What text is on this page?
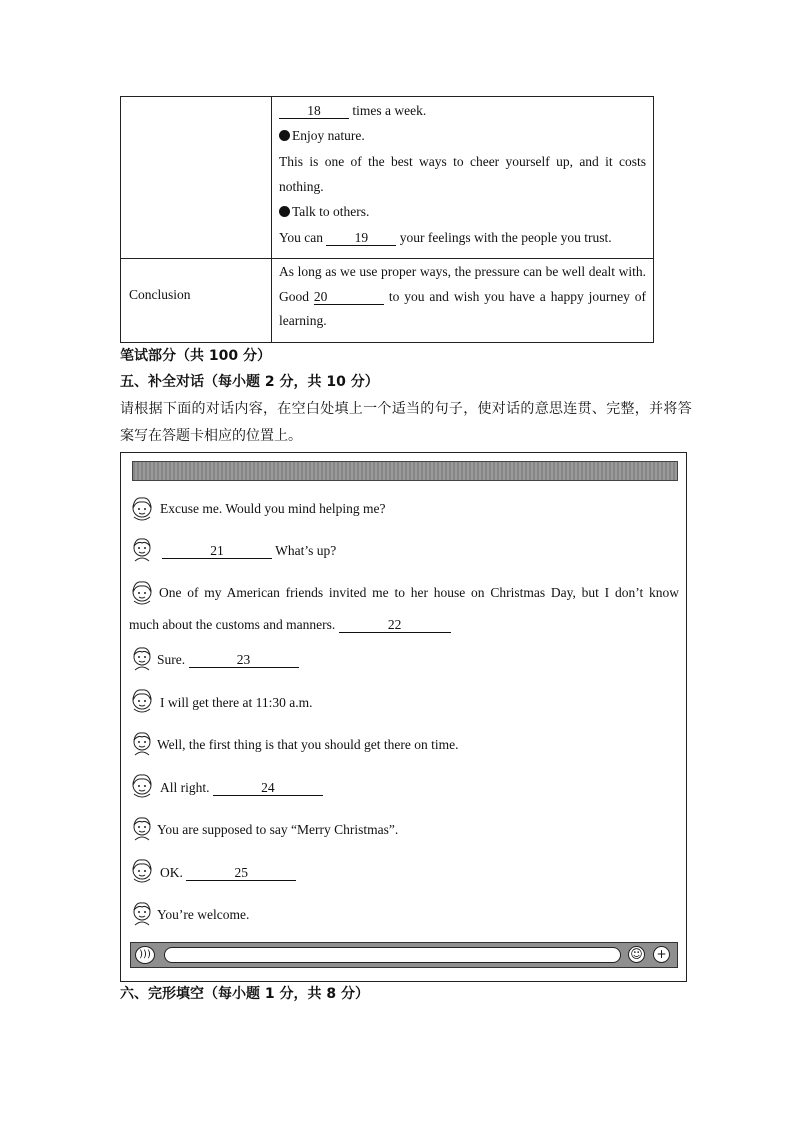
18 times a week.
Enjoy nature.
This is one of the best ways to cheer yourself up, and it costs
nothing.
Talk to others.
You can 19 your feelings with the people you trust.
Conclusion
As long as we use proper ways, the pressure can be well dealt with.
Good 20	to you and wish you have a happy journey of
learning.
笔试部分（共 100 分）
五、补全对话（每小题 2 分，共 10 分）
请根据下面的对话内容，在空白处填上一个适当的句子，使对话的意思连贯、完整，并将答
案写在答题卡相应的位置上。
Excuse me. Would you mind helping me?
21	What’s up?
One of my American friends invited me to her house on Christmas Day, but I don’t know
much about the customs and manners.	22
Sure.	23
I will get there at 11:30 a.m.
Well, the first thing is that you should get there on time.
All right.	24
You are supposed to say “Merry Christmas”.
OK.	25
You’re welcome.
)))	☺ +
六、完形填空（每小题 1 分，共 8 分）
